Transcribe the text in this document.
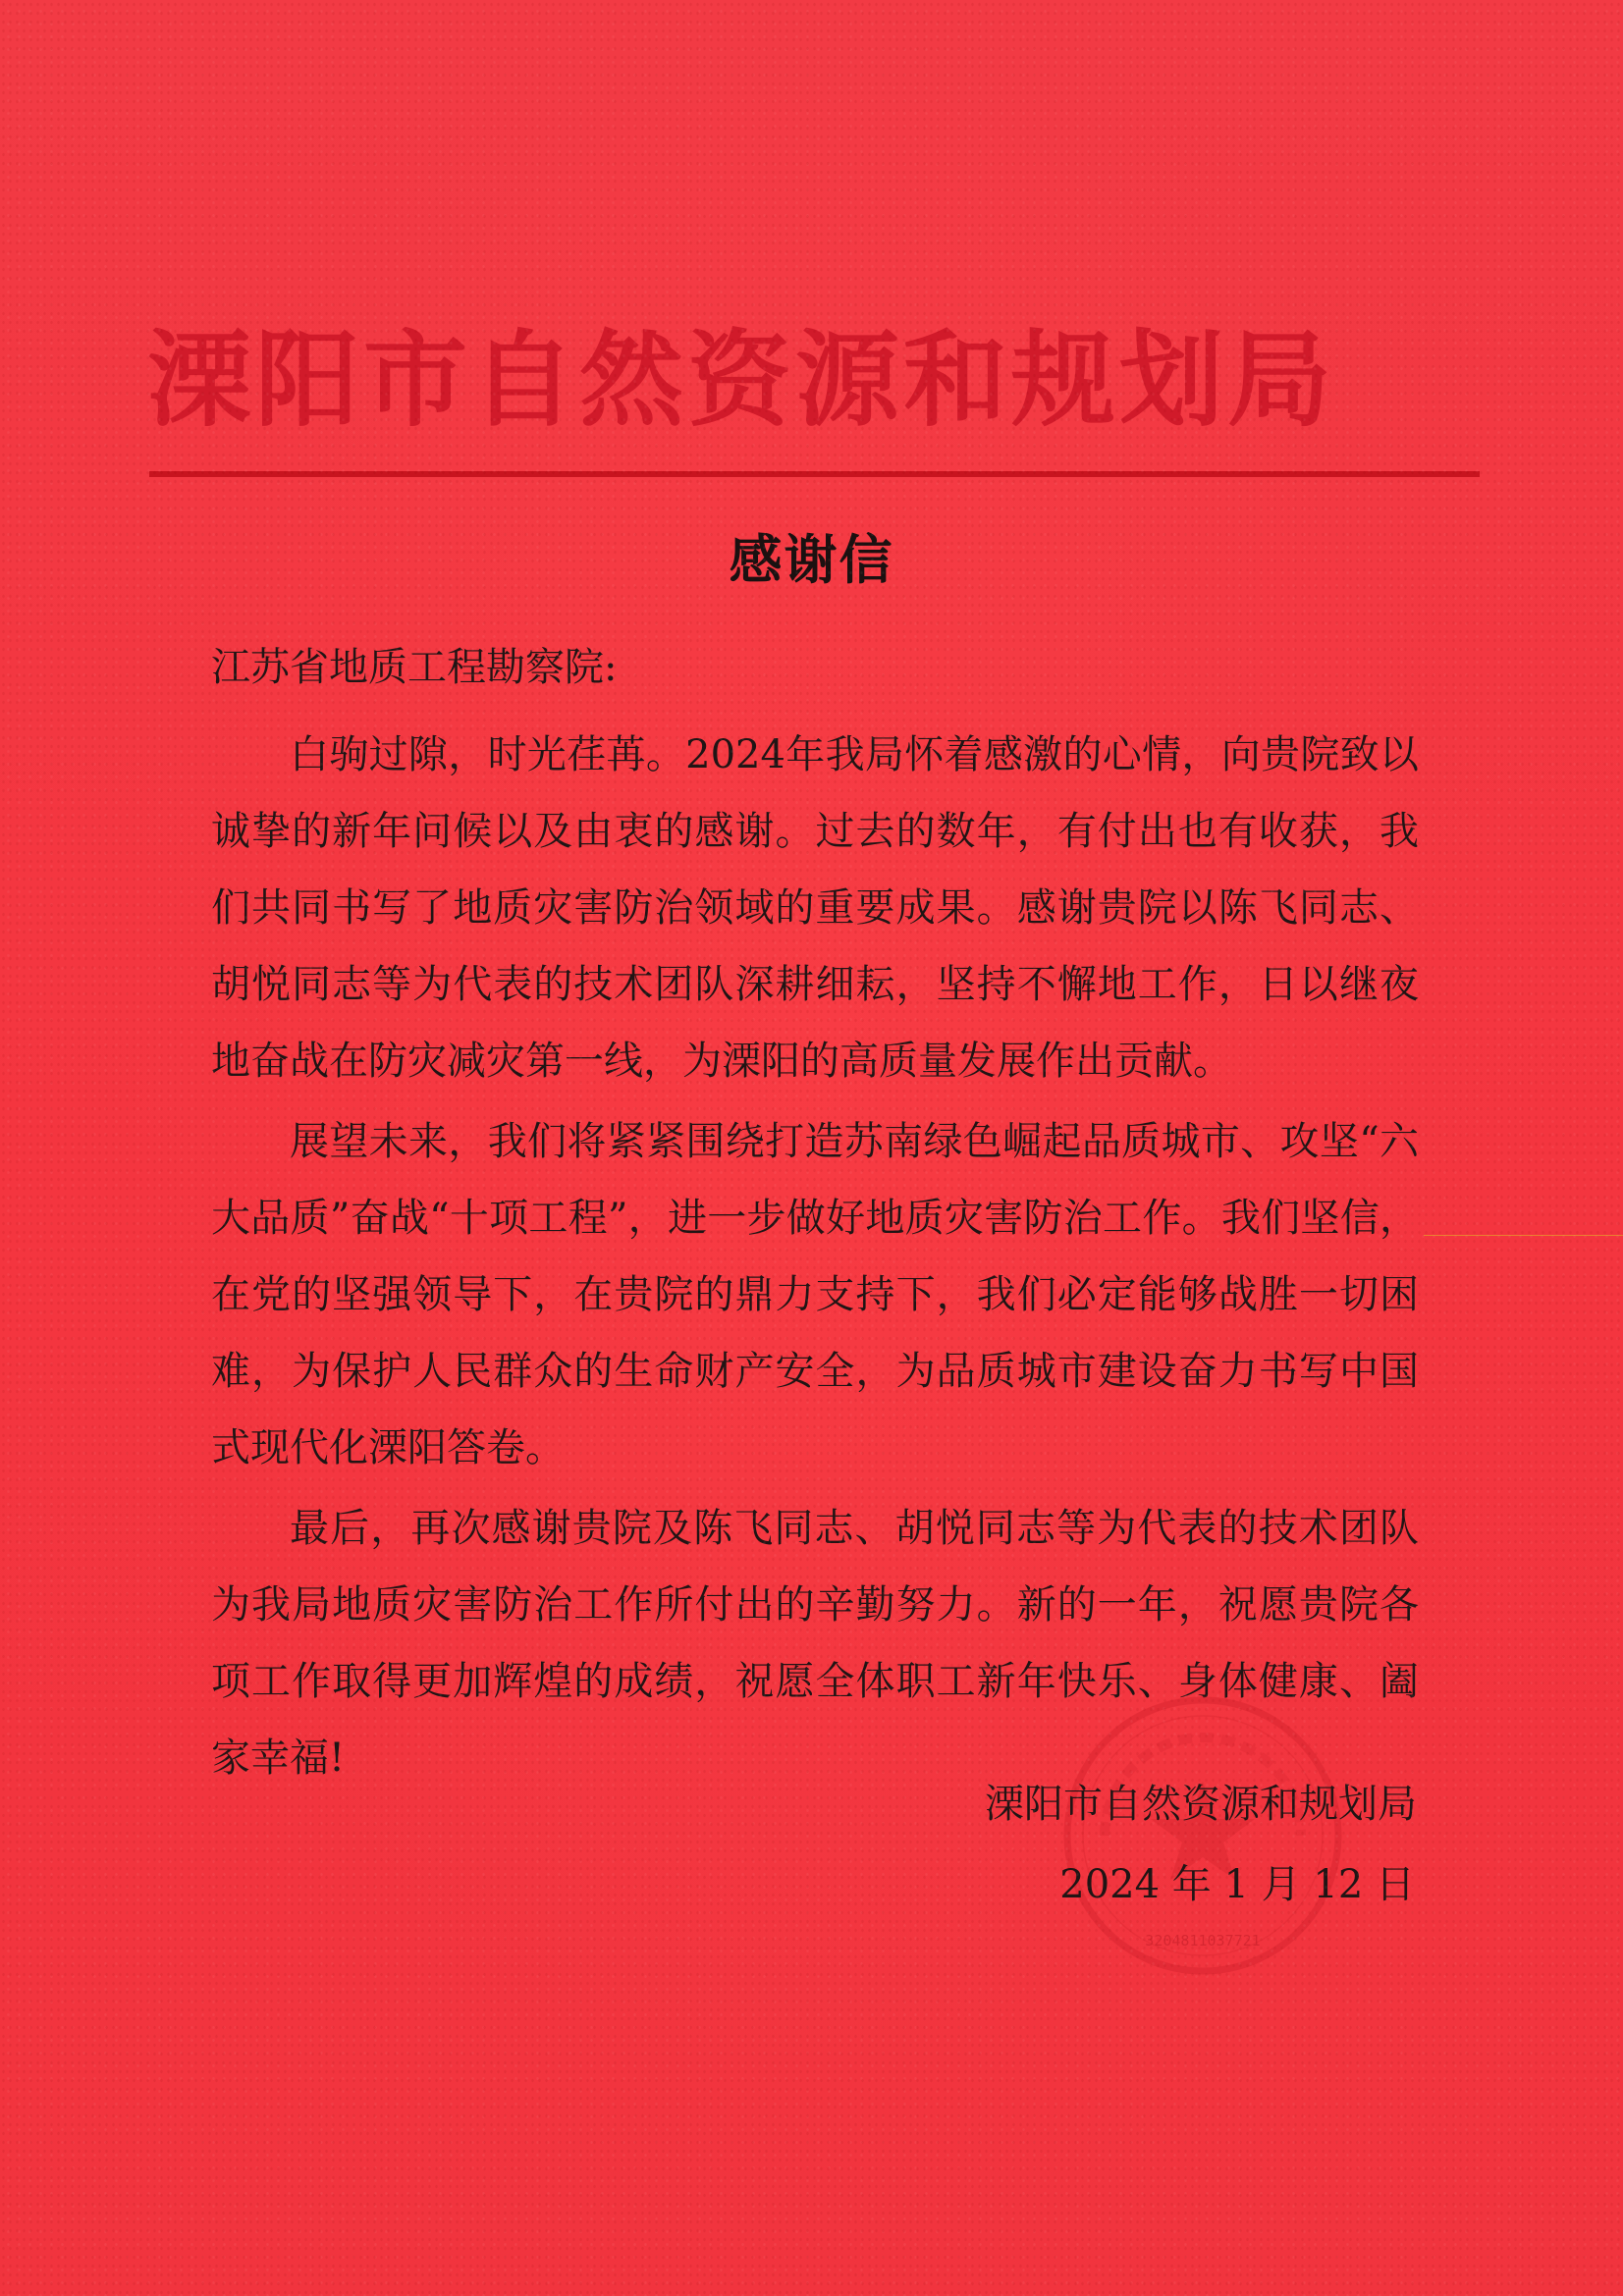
溧阳市自然资源和规划局
感谢信
江苏省地质工程勘察院:

白驹过隙，时光荏苒。2024年我局怀着感激的心情，向贵院致以诚挚的新年问候以及由衷的感谢。过去的数年，有付出也有收获，我们共同书写了地质灾害防治领域的重要成果。感谢贵院以陈飞同志、胡悦同志等为代表的技术团队深耕细耘，坚持不懈地工作，日以继夜地奋战在防灾减灾第一线，为溧阳的高质量发展作出贡献。

展望未来，我们将紧紧围绕打造苏南绿色崛起品质城市、攻坚“六大品质”奋战“十项工程”，进一步做好地质灾害防治工作。我们坚信，在党的坚强领导下，在贵院的鼎力支持下，我们必定能够战胜一切困难，为保护人民群众的生命财产安全，为品质城市建设奋力书写中国式现代化溧阳答卷。

最后，再次感谢贵院及陈飞同志、胡悦同志等为代表的技术团队为我局地质灾害防治工作所付出的辛勤努力。新的一年，祝愿贵院各项工作取得更加辉煌的成绩，祝愿全体职工新年快乐、身体健康、阖家幸福!

3204811037721
溧阳市自然资源和规划局
2024 年 1 月 12 日
